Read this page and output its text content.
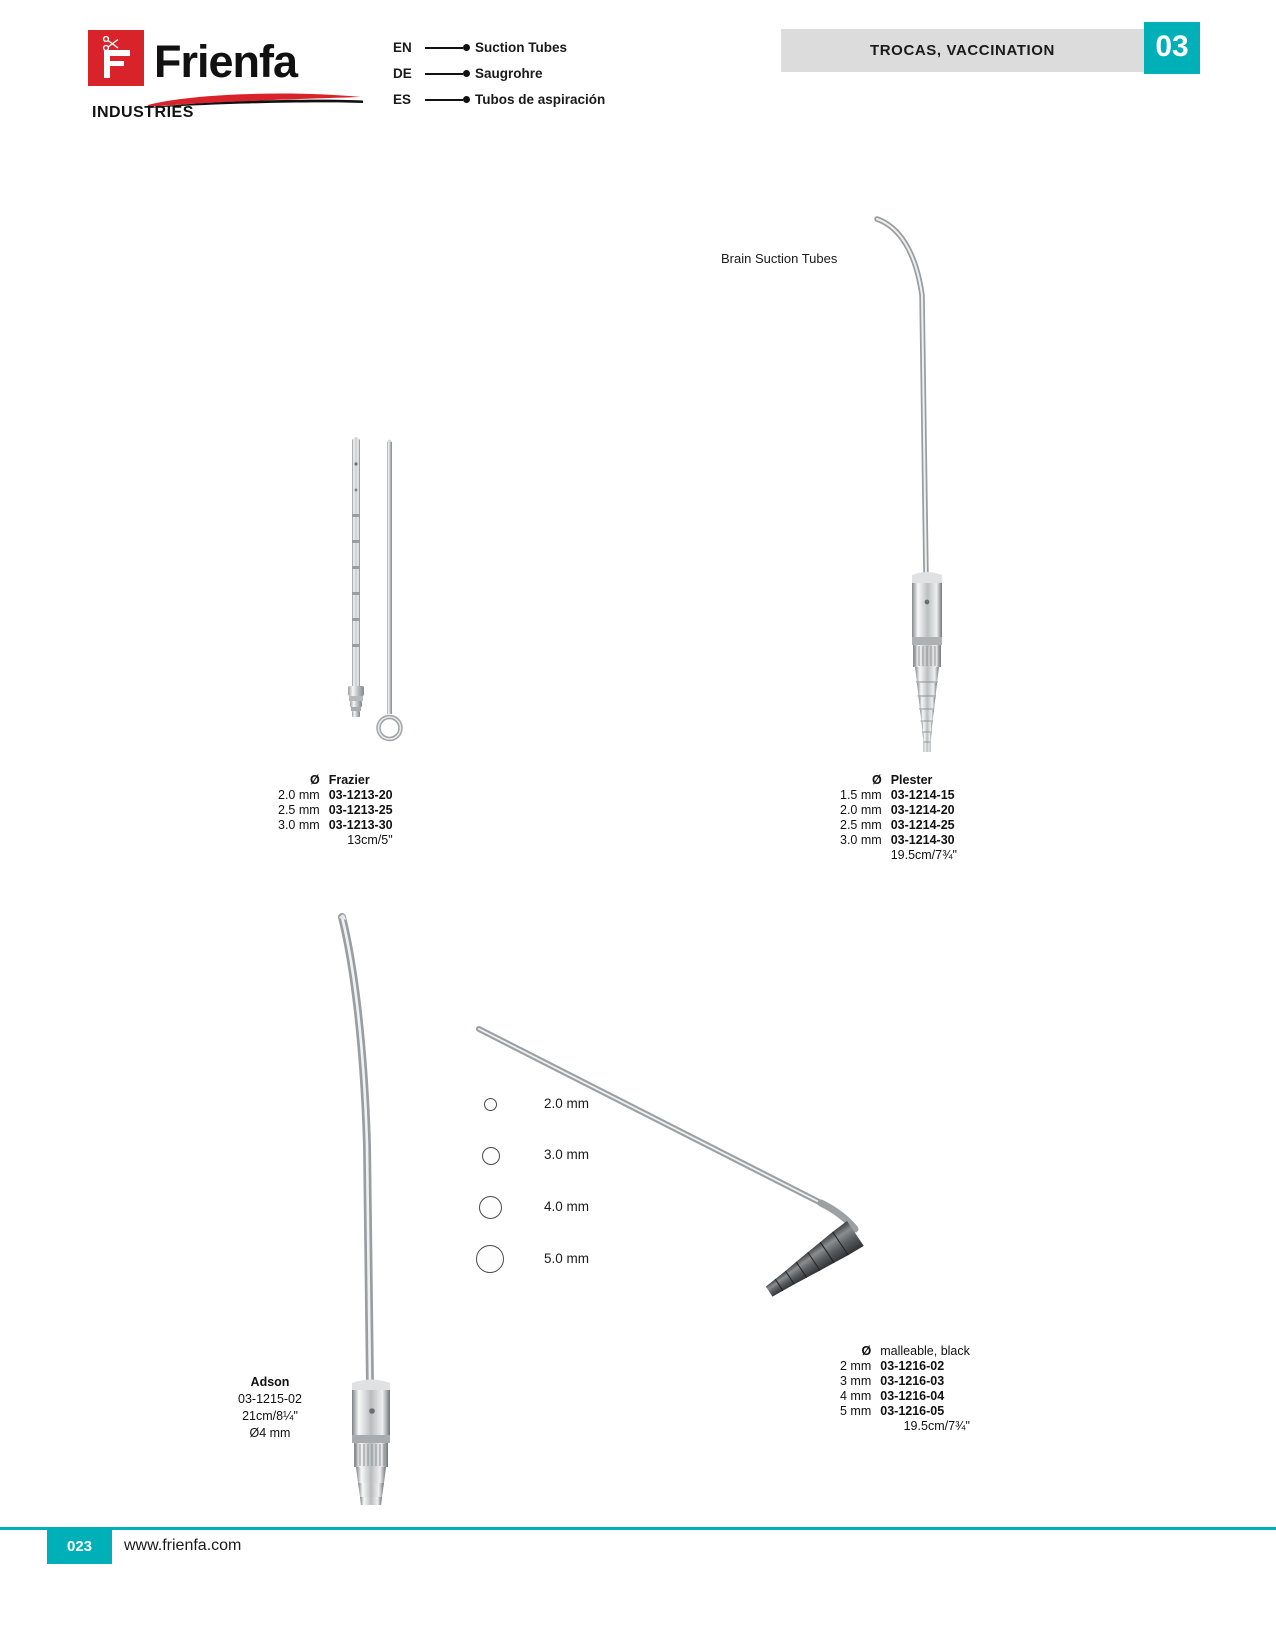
Frienfa
INDUSTRIES
EN	Suction Tubes
DE	Saugrohre
ES	Tubos de aspiración
TROCAS, VACCINATION	03
Brain Suction Tubes
Ø	Frazier
2.0 mm	03-1213-20
2.5 mm	03-1213-25
3.0 mm	03-1213-30
	13cm/5"
Ø	Plester
1.5 mm	03-1214-15
2.0 mm	03-1214-20
2.5 mm	03-1214-25
3.0 mm	03-1214-30
	19.5cm/7¾"
Adson
03-1215-02
21cm/8¼"
Ø4 mm
2.0 mm
3.0 mm
4.0 mm
5.0 mm
Ø	malleable, black
2 mm	03-1216-02
3 mm	03-1216-03
4 mm	03-1216-04
5 mm	03-1216-05
	19.5cm/7¾"
023	www.frienfa.com
